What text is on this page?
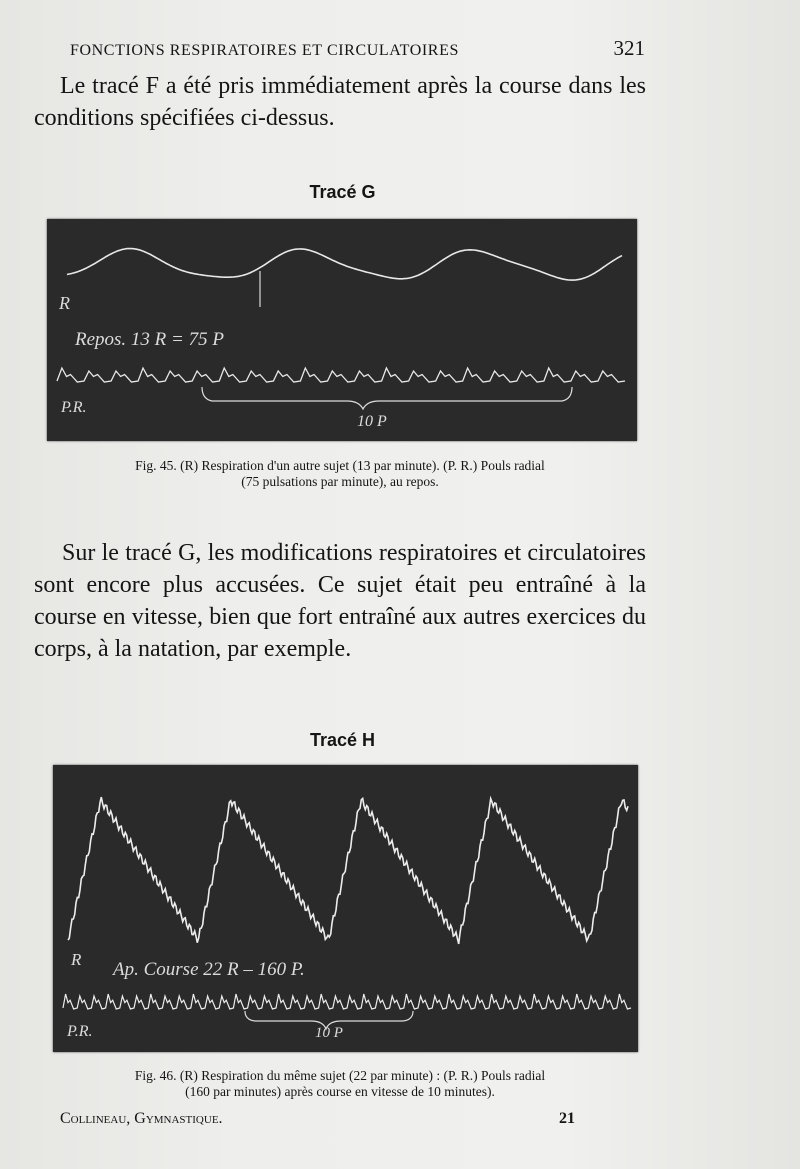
FONCTIONS RESPIRATOIRES ET CIRCULATOIRES	321

Le tracé F a été pris immédiatement après la course dans les conditions spécifiées ci-dessus.

Tracé G
R
Repos. 13 R = 75 P
P.R.
10 P
Fig. 45. (R) Respiration d'un autre sujet (13 par minute). (P. R.) Pouls radial
(75 pulsations par minute), au repos.

Sur le tracé G, les modifications respiratoires et circulatoires sont encore plus accusées. Ce sujet était peu entraîné à la course en vitesse, bien que fort entraîné aux autres exercices du corps, à la natation, par exemple.

Tracé H
R Ap. Course 22 R – 160 P.
P.R.	10 P
Fig. 46. (R) Respiration du même sujet (22 par minute) : (P. R.) Pouls radial
(160 par minutes) après course en vitesse de 10 minutes).
Collineau, Gymnastique.	21
